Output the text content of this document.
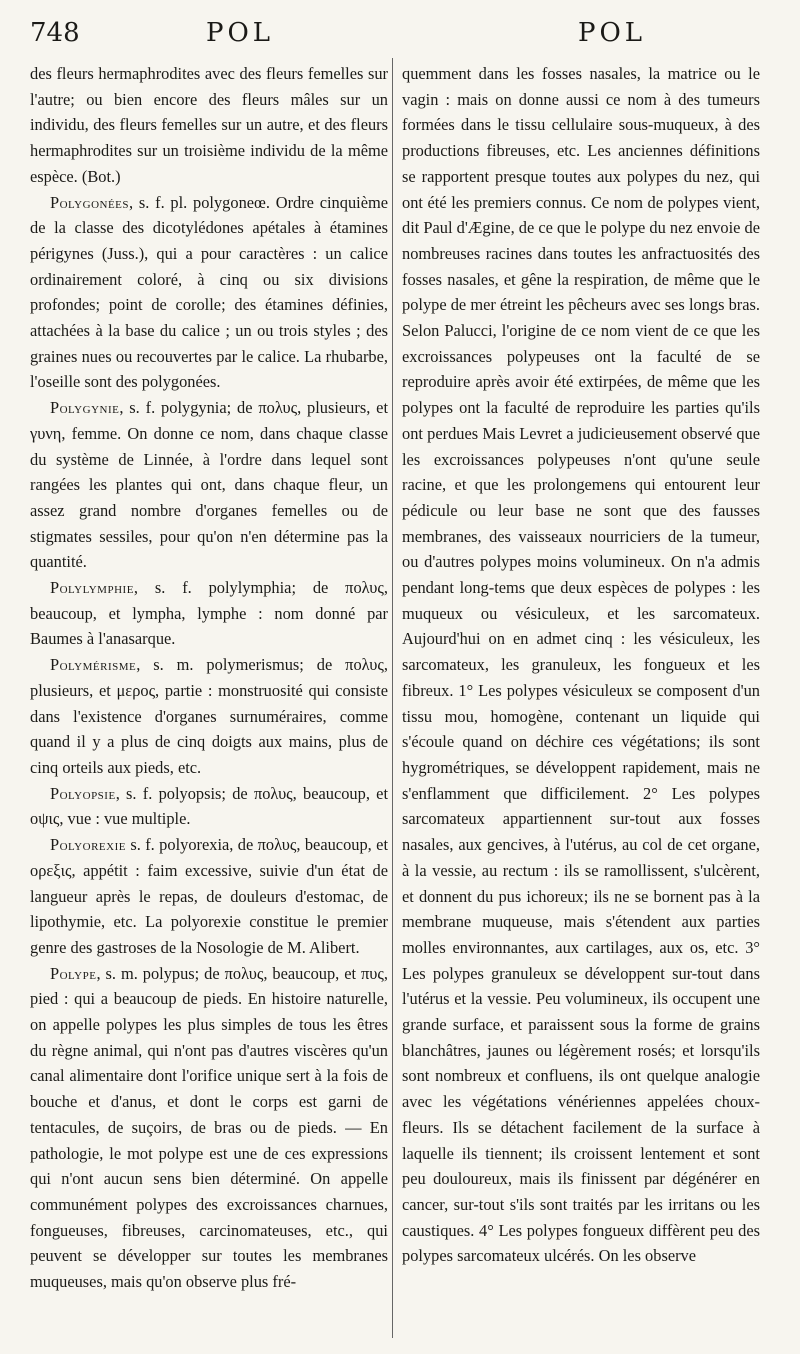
748	POL	POL

des fleurs hermaphrodites avec des fleurs femelles sur l'autre; ou bien encore des fleurs mâles sur un individu, des fleurs femelles sur un autre, et des fleurs hermaphrodites sur un troisième individu de la même espèce. (Bot.)

Polygonées, s. f. pl. polygoneœ. Ordre cinquième de la classe des dicotylédones apétales à étamines périgynes (Juss.), qui a pour caractères : un calice ordinairement coloré, à cinq ou six divisions profondes; point de corolle; des étamines définies, attachées à la base du calice ; un ou trois styles ; des graines nues ou recouvertes par le calice. La rhubarbe, l'oseille sont des polygonées.

Polygynie, s. f. polygynia; de πολυς, plusieurs, et γυνη, femme. On donne ce nom, dans chaque classe du système de Linnée, à l'ordre dans lequel sont rangées les plantes qui ont, dans chaque fleur, un assez grand nombre d'organes femelles ou de stigmates sessiles, pour qu'on n'en détermine pas la quantité.

Polylymphie, s. f. polylymphia; de πολυς, beaucoup, et lympha, lymphe : nom donné par Baumes à l'anasarque.

Polymérisme, s. m. polymerismus; de πολυς, plusieurs, et μερος, partie : monstruosité qui consiste dans l'existence d'organes surnuméraires, comme quand il y a plus de cinq doigts aux mains, plus de cinq orteils aux pieds, etc.

Polyopsie, s. f. polyopsis; de πολυς, beaucoup, et οψις, vue : vue multiple.

Polyorexie s. f. polyorexia, de πολυς, beaucoup, et ορεξις, appétit : faim excessive, suivie d'un état de langueur après le repas, de douleurs d'estomac, de lipothymie, etc. La polyorexie constitue le premier genre des gastroses de la Nosologie de M. Alibert.

Polype, s. m. polypus; de πολυς, beaucoup, et πυς, pied : qui a beaucoup de pieds. En histoire naturelle, on appelle polypes les plus simples de tous les êtres du règne animal, qui n'ont pas d'autres viscères qu'un canal alimentaire dont l'orifice unique sert à la fois de bouche et d'anus, et dont le corps est garni de tentacules, de suçoirs, de bras ou de pieds. — En pathologie, le mot polype est une de ces expressions qui n'ont aucun sens bien déterminé. On appelle communément polypes des excroissances charnues, fongueuses, fibreuses, carcinomateuses, etc., qui peuvent se développer sur toutes les membranes muqueuses, mais qu'on observe plus fré-

quemment dans les fosses nasales, la matrice ou le vagin : mais on donne aussi ce nom à des tumeurs formées dans le tissu cellulaire sous-muqueux, à des productions fibreuses, etc. Les anciennes définitions se rapportent presque toutes aux polypes du nez, qui ont été les premiers connus. Ce nom de polypes vient, dit Paul d'Ægine, de ce que le polype du nez envoie de nombreuses racines dans toutes les anfractuosités des fosses nasales, et gêne la respiration, de même que le polype de mer étreint les pêcheurs avec ses longs bras. Selon Palucci, l'origine de ce nom vient de ce que les excroissances polypeuses ont la faculté de se reproduire après avoir été extirpées, de même que les polypes ont la faculté de reproduire les parties qu'ils ont perdues Mais Levret a judicieusement observé que les excroissances polypeuses n'ont qu'une seule racine, et que les prolongemens qui entourent leur pédicule ou leur base ne sont que des fausses membranes, des vaisseaux nourriciers de la tumeur, ou d'autres polypes moins volumineux. On n'a admis pendant long-tems que deux espèces de polypes : les muqueux ou vésiculeux, et les sarcomateux. Aujourd'hui on en admet cinq : les vésiculeux, les sarcomateux, les granuleux, les fongueux et les fibreux. 1° Les polypes vésiculeux se composent d'un tissu mou, homogène, contenant un liquide qui s'écoule quand on déchire ces végétations; ils sont hygrométriques, se développent rapidement, mais ne s'enflamment que difficilement. 2° Les polypes sarcomateux appartiennent sur-tout aux fosses nasales, aux gencives, à l'utérus, au col de cet organe, à la vessie, au rectum : ils se ramollissent, s'ulcèrent, et donnent du pus ichoreux; ils ne se bornent pas à la membrane muqueuse, mais s'étendent aux parties molles environnantes, aux cartilages, aux os, etc. 3° Les polypes granuleux se développent sur-tout dans l'utérus et la vessie. Peu volumineux, ils occupent une grande surface, et paraissent sous la forme de grains blanchâtres, jaunes ou légèrement rosés; et lorsqu'ils sont nombreux et confluens, ils ont quelque analogie avec les végétations vénériennes appelées choux-fleurs. Ils se détachent facilement de la surface à laquelle ils tiennent; ils croissent lentement et sont peu douloureux, mais ils finissent par dégénérer en cancer, sur-tout s'ils sont traités par les irritans ou les caustiques. 4° Les polypes fongueux diffèrent peu des polypes sarcomateux ulcérés. On les observe
